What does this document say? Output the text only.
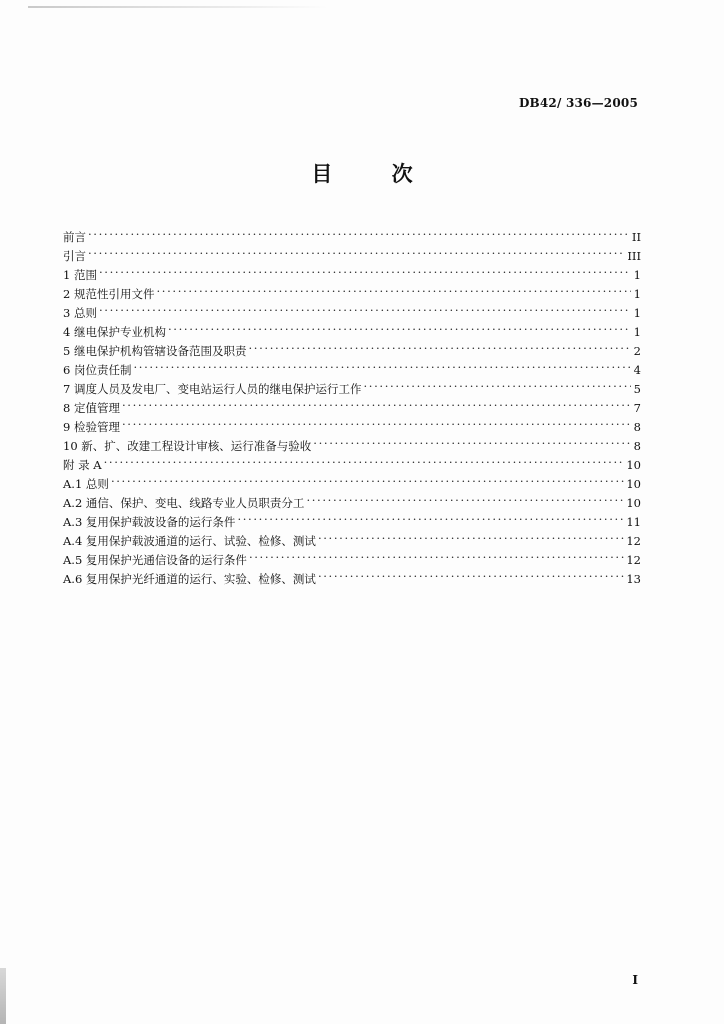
DB42/ 336—2005
目 次
前言 . . .	II
引言 . . .	III
1 范围 . . .	1
2 规范性引用文件 . . .	1
3 总则 . . .	1
4 继电保护专业机构 . . .	1
5 继电保护机构管辖设备范围及职责 . . .	2
6 岗位责任制 . . .	4
7 调度人员及发电厂、变电站运行人员的继电保护运行工作 . . .	5
8 定值管理 . . .	7
9 检验管理 . . .	8
10 新、扩、改建工程设计审核、运行准备与验收 . . .	8
附 录 A . . .	10
A.1 总则 . . .	10
A.2 通信、保护、变电、线路专业人员职责分工 . . .	10
A.3 复用保护载波设备的运行条件 . . .	11
A.4 复用保护载波通道的运行、试验、检修、测试 . . .	12
A.5 复用保护光通信设备的运行条件 . . .	12
A.6 复用保护光纤通道的运行、实验、检修、测试 . . .	13
I
